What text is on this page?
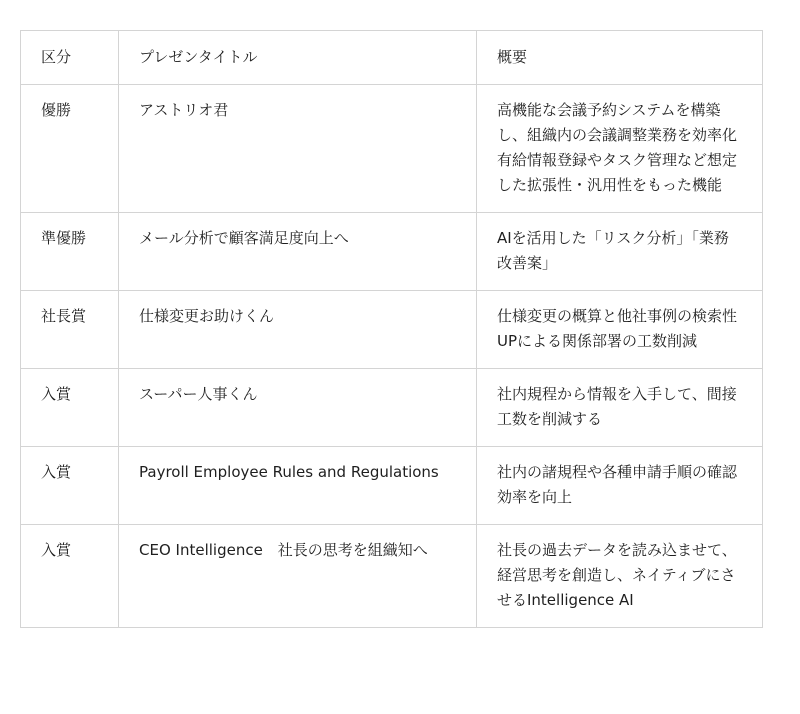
区分	プレゼンタイトル	概要
優勝	アストリオ君	高機能な会議予約システムを構築し、組織内の会議調整業務を効率化
有給情報登録やタスク管理など想定した拡張性・汎用性をもった機能

準優勝	メール分析で顧客満足度向上へ	AIを活用した「リスク分析」「業務改善案」

社長賞	仕様変更お助けくん	仕様変更の概算と他社事例の検索性UPによる関係部署の工数削減

入賞	スーパー人事くん	社内規程から情報を入手して、間接工数を削減する

入賞	Payroll Employee Rules and Regulations	社内の諸規程や各種申請手順の確認効率を向上

入賞	CEO Intelligence　社長の思考を組織知へ	社長の過去データを読み込ませて、経営思考を創造し、ネイティブにさせるIntelligence AI
